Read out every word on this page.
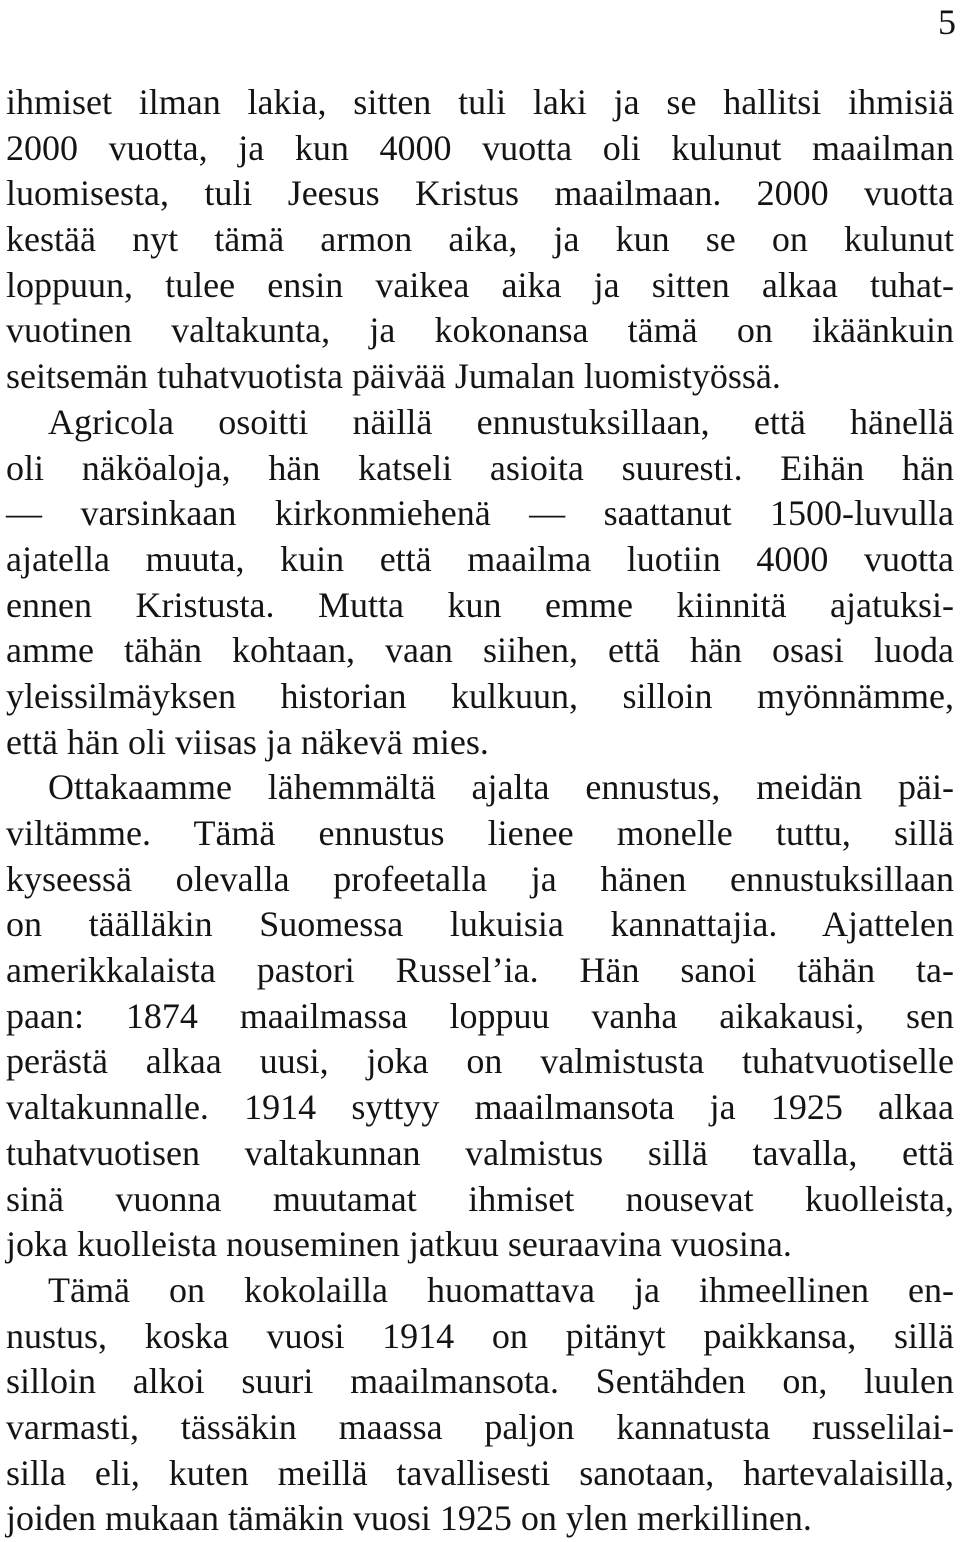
5
ihmiset ilman lakia, sitten tuli laki ja se hallitsi ihmisiä
2000 vuotta, ja kun 4000 vuotta oli kulunut maailman
luomisesta, tuli Jeesus Kristus maailmaan. 2000 vuotta
kestää nyt tämä armon aika, ja kun se on kulunut
loppuun, tulee ensin vaikea aika ja sitten alkaa tuhat-
vuotinen valtakunta, ja kokonansa tämä on ikäänkuin
seitsemän tuhatvuotista päivää Jumalan luomistyössä.
Agricola osoitti näillä ennustuksillaan, että hänellä
oli näköaloja, hän katseli asioita suuresti. Eihän hän
— varsinkaan kirkonmiehenä — saattanut 1500-luvulla
ajatella muuta, kuin että maailma luotiin 4000 vuotta
ennen Kristusta. Mutta kun emme kiinnitä ajatuksi-
amme tähän kohtaan, vaan siihen, että hän osasi luoda
yleissilmäyksen historian kulkuun, silloin myönnämme,
että hän oli viisas ja näkevä mies.
Ottakaamme lähemmältä ajalta ennustus, meidän päi-
viltämme. Tämä ennustus lienee monelle tuttu, sillä
kyseessä olevalla profeetalla ja hänen ennustuksillaan
on täälläkin Suomessa lukuisia kannattajia. Ajattelen
amerikkalaista pastori Russel’ia. Hän sanoi tähän ta-
paan: 1874 maailmassa loppuu vanha aikakausi, sen
perästä alkaa uusi, joka on valmistusta tuhatvuotiselle
valtakunnalle. 1914 syttyy maailmansota ja 1925 alkaa
tuhatvuotisen valtakunnan valmistus sillä tavalla, että
sinä vuonna muutamat ihmiset nousevat kuolleista,
joka kuolleista nouseminen jatkuu seuraavina vuosina.
Tämä on kokolailla huomattava ja ihmeellinen en-
nustus, koska vuosi 1914 on pitänyt paikkansa, sillä
silloin alkoi suuri maailmansota. Sentähden on, luulen
varmasti, tässäkin maassa paljon kannatusta russelilai-
silla eli, kuten meillä tavallisesti sanotaan, hartevalaisilla,
joiden mukaan tämäkin vuosi 1925 on ylen merkillinen.
